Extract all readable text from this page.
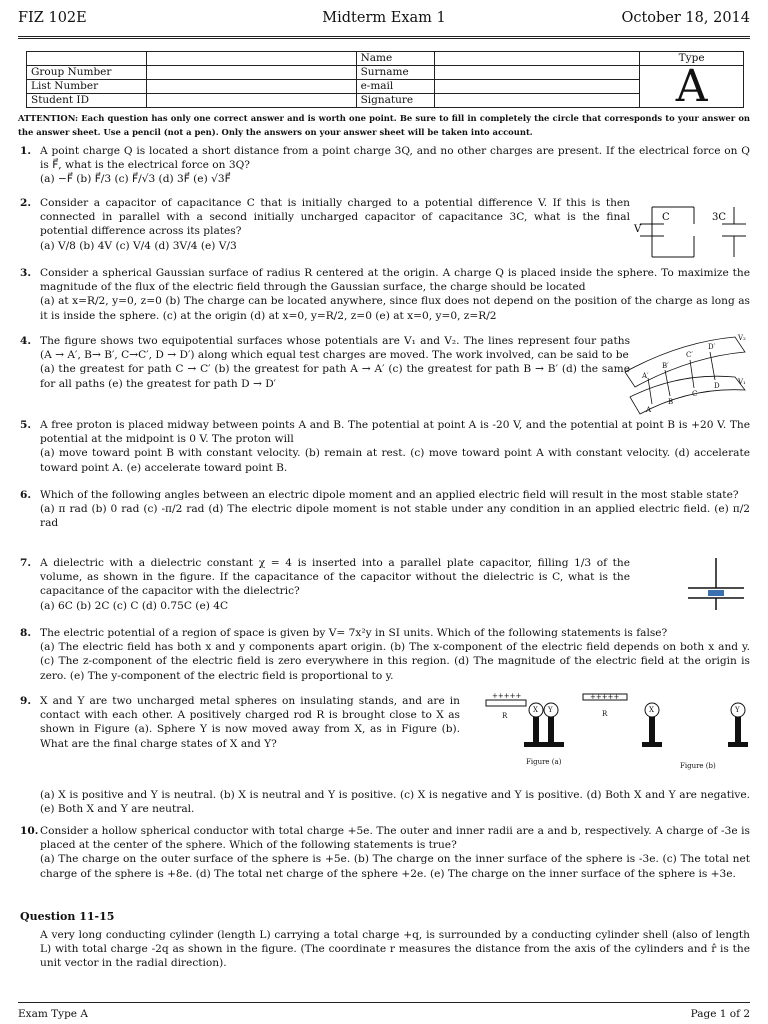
FIZ 102E	Midterm Exam 1	October 18, 2014
		Name		Type
Group Number		Surname		A
List Number		e-mail		
Student ID		Signature		
ATTENTION: Each question has only one correct answer and is worth one point. Be sure to fill in completely the circle that corresponds to your answer on the answer sheet. Use a pencil (not a pen). Only the answers on your answer sheet will be taken into account.
1. A point charge Q is located a short distance from a point charge 3Q, and no other charges are present. If the electrical force on Q is F⃗, what is the electrical force on 3Q?
(a) −F⃗ (b) F⃗/3 (c) F⃗/√3 (d) 3F⃗ (e) √3F⃗
2. Consider a capacitor of capacitance C that is initially charged to a potential difference V. If this is then connected in parallel with a second initially uncharged capacitor of capacitance 3C, what is the final potential difference across its plates?
(a) V/8 (b) 4V (c) V/4 (d) 3V/4 (e) V/3
V
C	3C
3. Consider a spherical Gaussian surface of radius R centered at the origin. A charge Q is placed inside the sphere. To maximize the magnitude of the flux of the electric field through the Gaussian surface, the charge should be located
(a) at x=R/2, y=0, z=0 (b) The charge can be located anywhere, since flux does not depend on the position of the charge as long as it is inside the sphere. (c) at the origin (d) at x=0, y=R/2, z=0 (e) at x=0, y=0, z=R/2
4. The figure shows two equipotential surfaces whose potentials are V₁ and V₂. The lines represent four paths (A → A′, B→ B′, C→C′, D → D′) along which equal test charges are moved. The work involved, can be said to be
(a) the greatest for path C → C′ (b) the greatest for path A → A′ (c) the greatest for path B → B′ (d) the same for all paths (e) the greatest for path D → D′
V₂
V₁
A
A′
B
B′
C
C′
D
D′
5. A free proton is placed midway between points A and B. The potential at point A is -20 V, and the potential at point B is +20 V. The potential at the midpoint is 0 V. The proton will
(a) move toward point B with constant velocity. (b) remain at rest. (c) move toward point A with constant velocity. (d) accelerate toward point A. (e) accelerate toward point B.
6. Which of the following angles between an electric dipole moment and an applied electric field will result in the most stable state?
(a) π rad (b) 0 rad (c) -π/2 rad (d) The electric dipole moment is not stable under any condition in an applied electric field. (e) π/2 rad
7. A dielectric with a dielectric constant χ = 4 is inserted into a parallel plate capacitor, filling 1/3 of the volume, as shown in the figure. If the capacitance of the capacitor without the dielectric is C, what is the capacitance of the capacitor with the dielectric?
(a) 6C (b) 2C (c) C (d) 0.75C (e) 4C
8. The electric potential of a region of space is given by V= 7x²y in SI units. Which of the following statements is false?
(a) The electric field has both x and y components apart origin. (b) The x-component of the electric field depends on both x and y. (c) The z-component of the electric field is zero everywhere in this region. (d) The magnitude of the electric field at the origin is zero. (e) The y-component of the electric field is proportional to y.
9. X and Y are two uncharged metal spheres on insulating stands, and are in contact with each other. A positively charged rod R is brought close to X as shown in Figure (a). Sphere Y is now moved away from X, as in Figure (b). What are the final charge states of X and Y?
+++++
R
X Y
+++++
R	X	Y
Figure (a)	Figure (b)
(a) X is positive and Y is neutral. (b) X is neutral and Y is positive. (c) X is negative and Y is positive. (d) Both X and Y are negative. (e) Both X and Y are neutral.
10. Consider a hollow spherical conductor with total charge +5e. The outer and inner radii are a and b, respectively. A charge of -3e is placed at the center of the sphere. Which of the following statements is true?
(a) The charge on the outer surface of the sphere is +5e. (b) The charge on the inner surface of the sphere is -3e. (c) The total net charge of the sphere is +8e. (d) The total net charge of the sphere +2e. (e) The charge on the inner surface of the sphere is +3e.
Question 11-15
A very long conducting cylinder (length L) carrying a total charge +q, is surrounded by a conducting cylinder shell (also of length L) with total charge -2q as shown in the figure. (The coordinate r measures the distance from the axis of the cylinders and r̂ is the unit vector in the radial direction).
Exam Type A	Page 1 of 2
